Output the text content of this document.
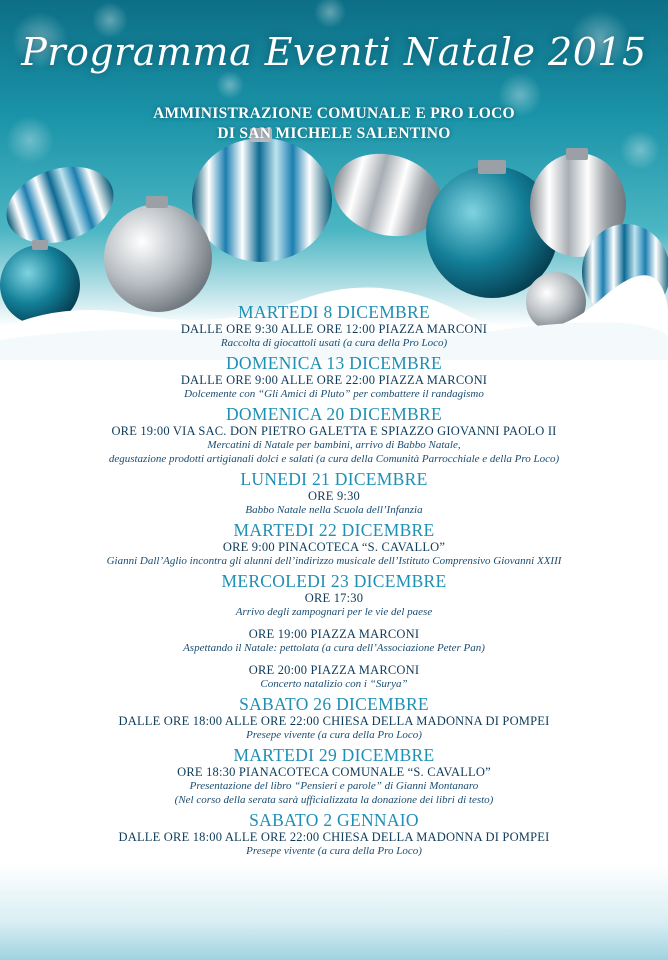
Programma Eventi Natale 2015
AMMINISTRAZIONE COMUNALE E PRO LOCO
DI SAN MICHELE SALENTINO
MARTEDI 8 DICEMBRE
DALLE ORE 9:30 ALLE ORE 12:00 PIAZZA MARCONI
Raccolta di giocattoli usati (a cura della Pro Loco)
DOMENICA 13 DICEMBRE
DALLE ORE 9:00 ALLE ORE 22:00 PIAZZA MARCONI
Dolcemente con “Gli Amici di Pluto” per combattere il randagismo
DOMENICA 20 DICEMBRE
ORE 19:00 VIA SAC. DON PIETRO GALETTA E SPIAZZO GIOVANNI PAOLO II
Mercatini di Natale per bambini, arrivo di Babbo Natale,
degustazione prodotti artigianali dolci e salati (a cura della Comunità Parrocchiale e della Pro Loco)
LUNEDI 21 DICEMBRE
ORE 9:30
Babbo Natale nella Scuola dell’Infanzia
MARTEDI 22 DICEMBRE
ORE 9:00 PINACOTECA “S. CAVALLO”
Gianni Dall’Aglio incontra gli alunni dell’indirizzo musicale dell’Istituto Comprensivo Giovanni XXIII
MERCOLEDI 23 DICEMBRE
ORE 17:30
Arrivo degli zampognari per le vie del paese
ORE 19:00 PIAZZA MARCONI
Aspettando il Natale: pettolata (a cura dell’Associazione Peter Pan)
ORE 20:00 PIAZZA MARCONI
Concerto natalizio con i “Surya”
SABATO 26 DICEMBRE
DALLE ORE 18:00 ALLE ORE 22:00 CHIESA DELLA MADONNA DI POMPEI
Presepe vivente (a cura della Pro Loco)
MARTEDI 29 DICEMBRE
ORE 18:30 PIANACOTECA COMUNALE “S. CAVALLO”
Presentazione del libro “Pensieri e parole” di Gianni Montanaro
(Nel corso della serata sarà ufficializzata la donazione dei libri di testo)
SABATO 2 GENNAIO
DALLE ORE 18:00 ALLE ORE 22:00 CHIESA DELLA MADONNA DI POMPEI
Presepe vivente (a cura della Pro Loco)
